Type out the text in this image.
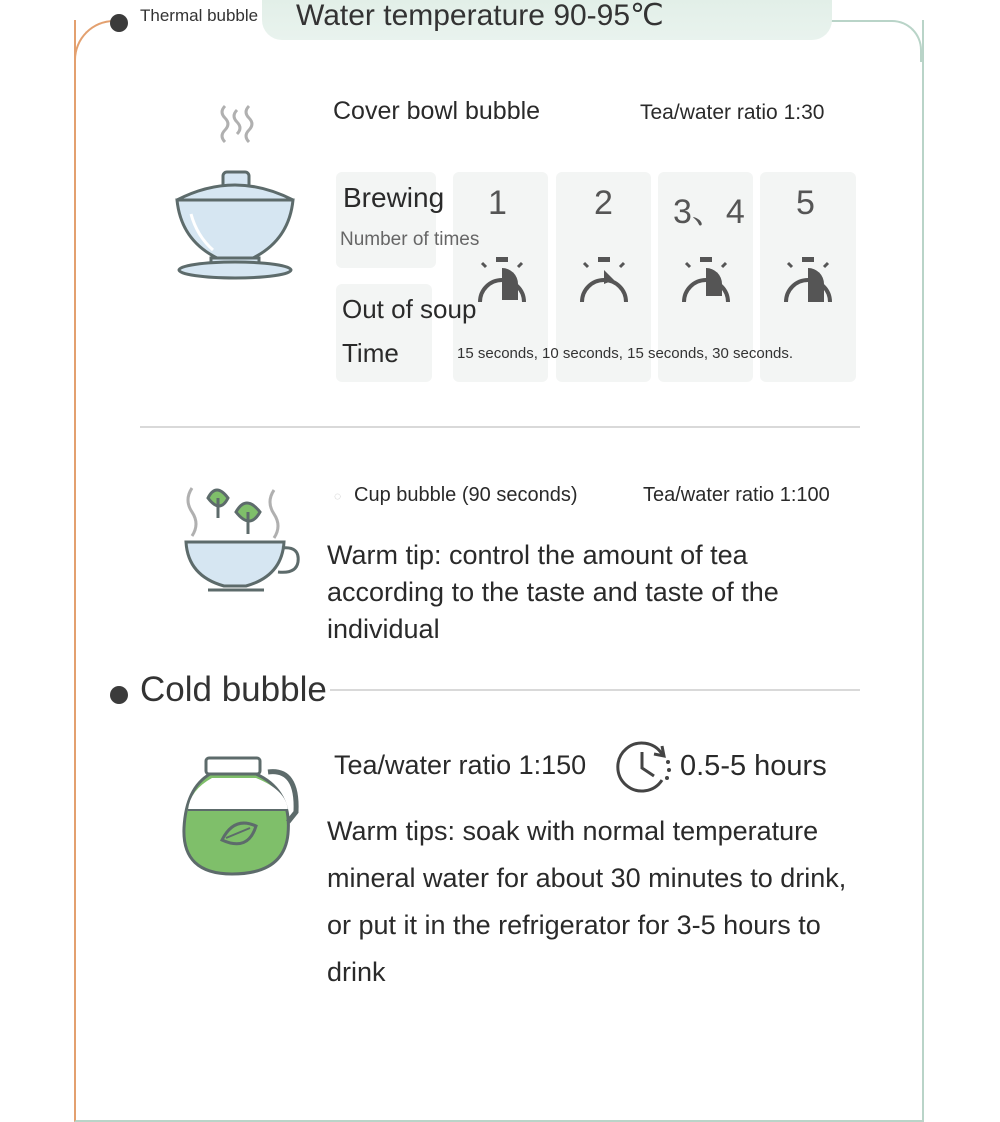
Thermal bubble Water temperature 90-95℃
Cover bowl bubble	Tea/water ratio 1:30
Brewing
Number of times
1	2 3、4 5
Out of soup
Time	15 seconds, 10 seconds, 15 seconds, 30 seconds.
◌ Cup bubble (90 seconds)	Tea/water ratio 1:100
Warm tip: control the amount of tea according to the taste and taste of the individual
Cold bubble
Tea/water ratio 1:150	0.5-5 hours
Warm tips: soak with normal temperature mineral water for about 30 minutes to drink, or put it in the refrigerator for 3-5 hours to drink
